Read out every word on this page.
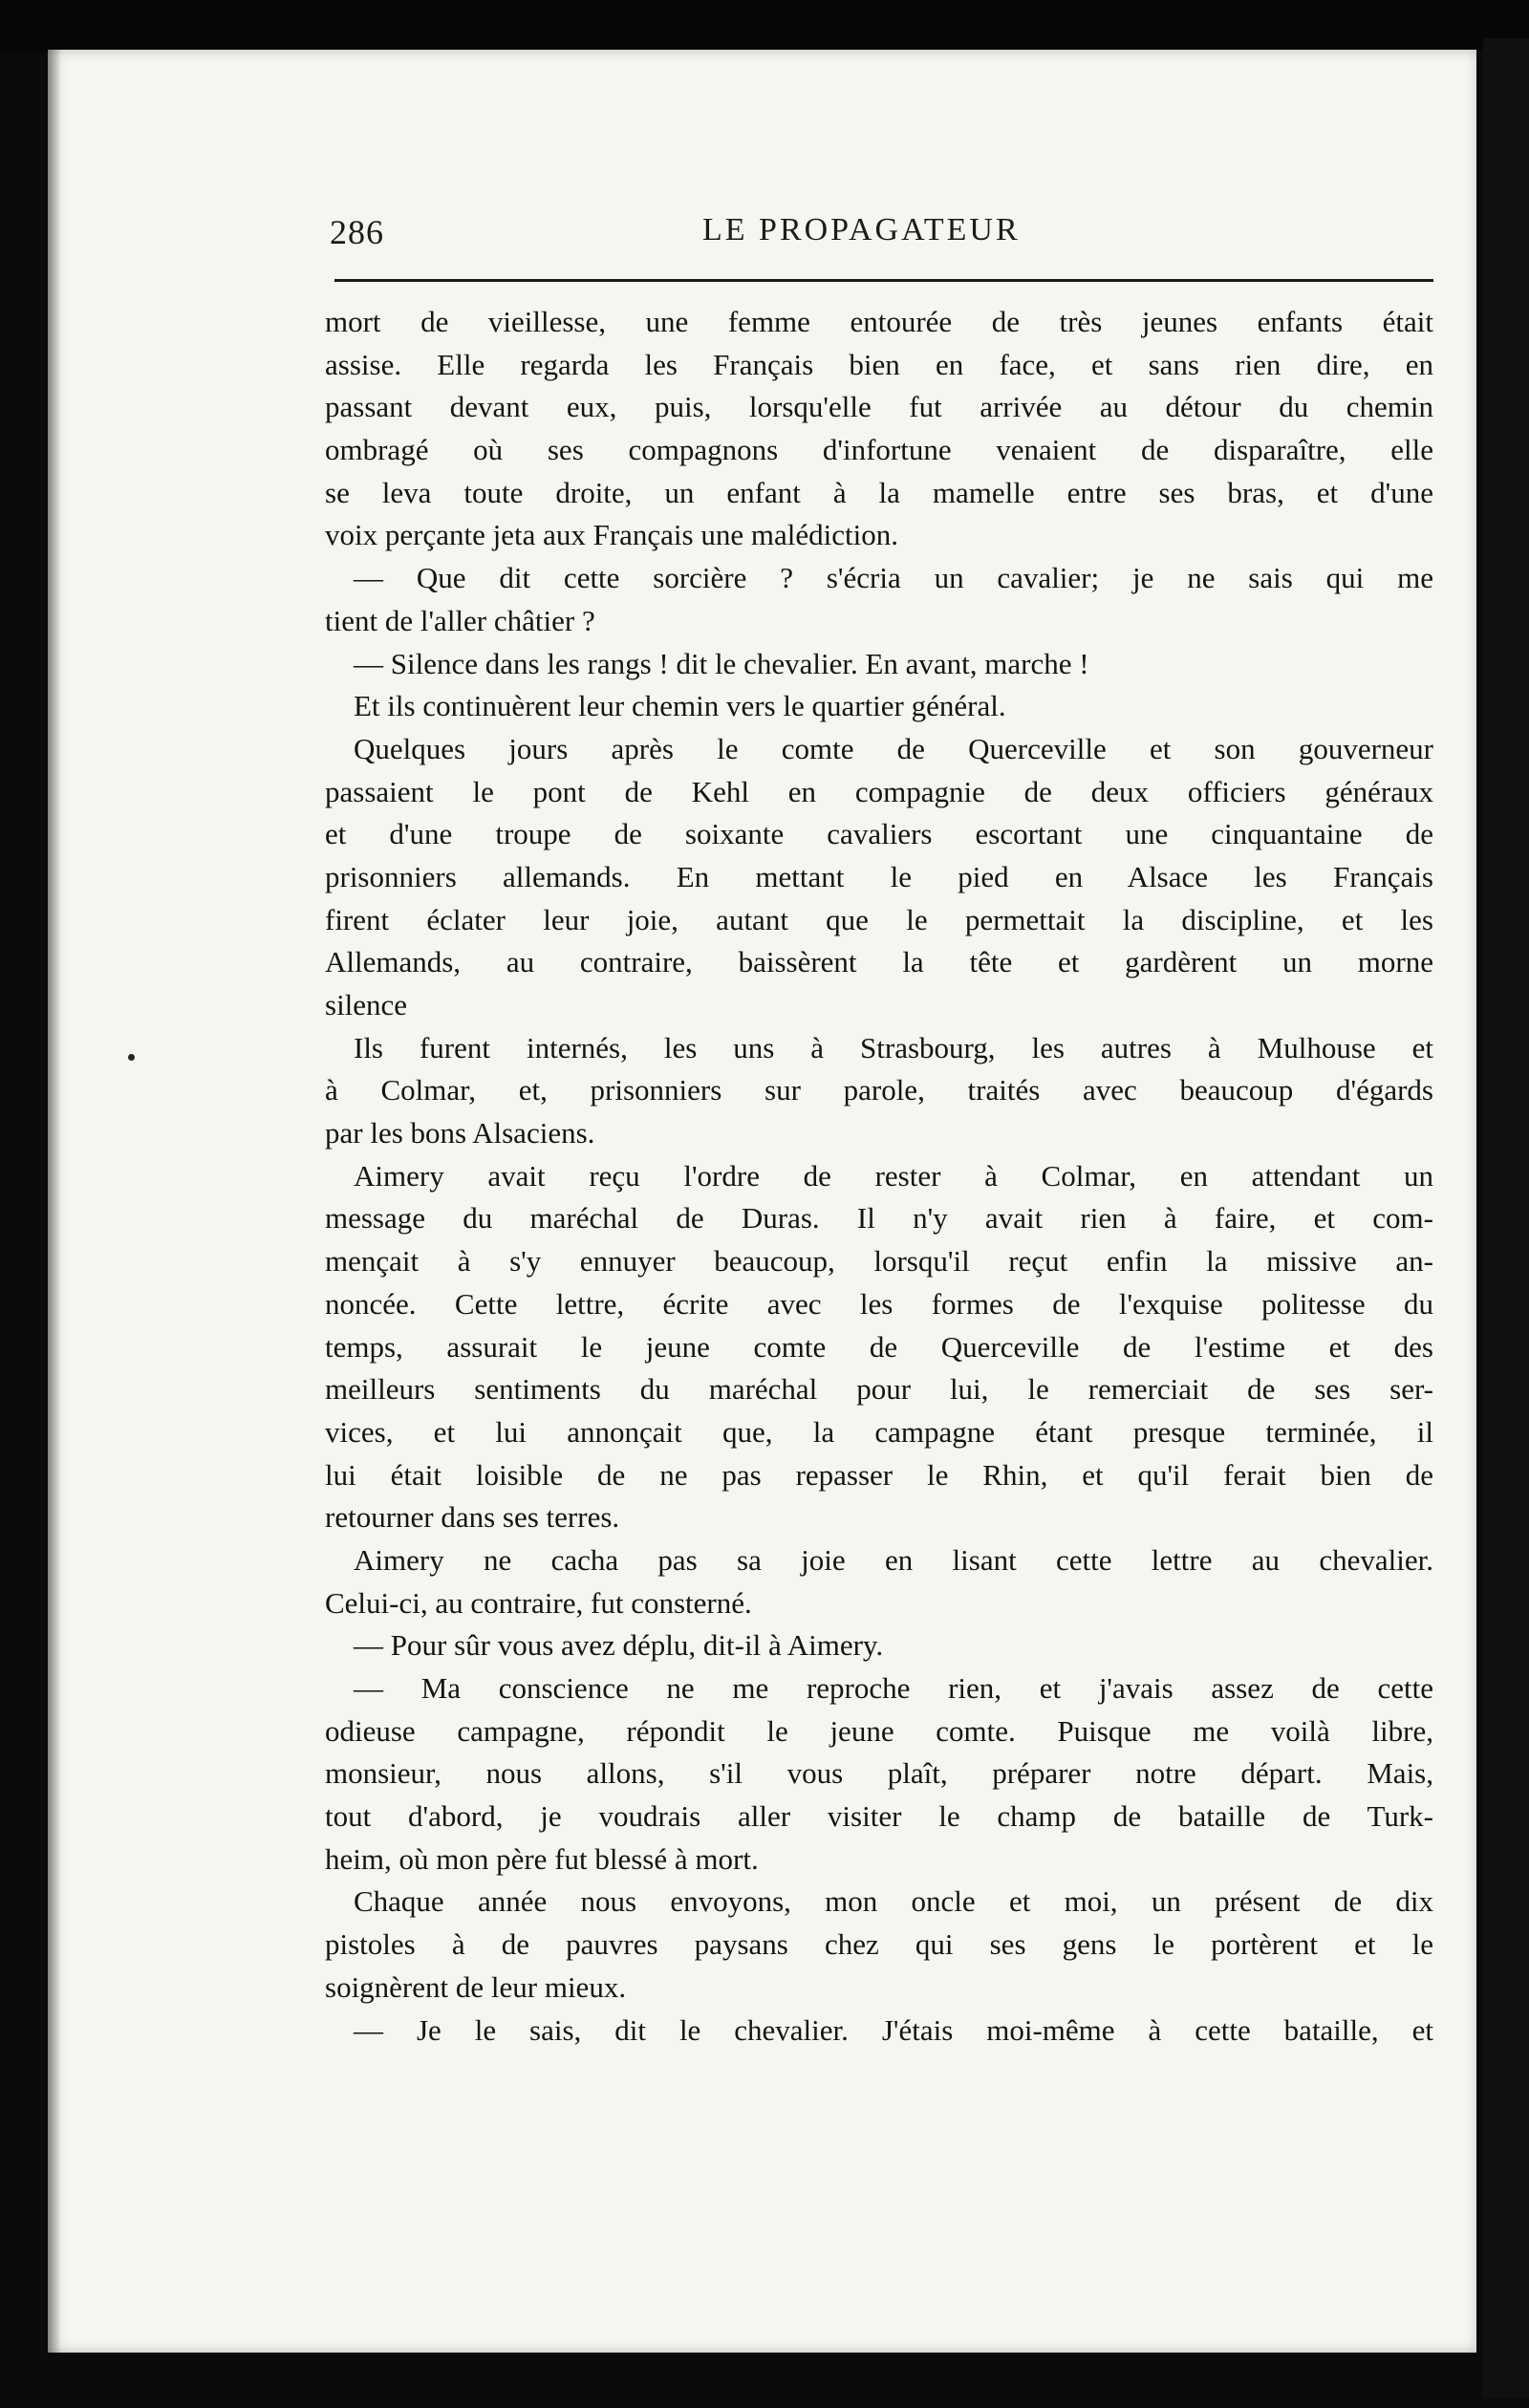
286	LE PROPAGATEUR
mort de vieillesse, une femme entourée de très jeunes enfants était
assise. Elle regarda les Français bien en face, et sans rien dire, en
passant devant eux, puis, lorsqu'elle fut arrivée au détour du chemin
ombragé où ses compagnons d'infortune venaient de disparaître, elle
se leva toute droite, un enfant à la mamelle entre ses bras, et d'une
voix perçante jeta aux Français une malédiction.
— Que dit cette sorcière ? s'écria un cavalier; je ne sais qui me
tient de l'aller châtier ?
— Silence dans les rangs ! dit le chevalier. En avant, marche !
Et ils continuèrent leur chemin vers le quartier général.
Quelques jours après le comte de Querceville et son gouverneur
passaient le pont de Kehl en compagnie de deux officiers généraux
et d'une troupe de soixante cavaliers escortant une cinquantaine de
prisonniers allemands. En mettant le pied en Alsace les Français
firent éclater leur joie, autant que le permettait la discipline, et les
Allemands, au contraire, baissèrent la tête et gardèrent un morne
silence
Ils furent internés, les uns à Strasbourg, les autres à Mulhouse et
à Colmar, et, prisonniers sur parole, traités avec beaucoup d'égards
par les bons Alsaciens.
Aimery avait reçu l'ordre de rester à Colmar, en attendant un
message du maréchal de Duras. Il n'y avait rien à faire, et com-
mençait à s'y ennuyer beaucoup, lorsqu'il reçut enfin la missive an-
noncée. Cette lettre, écrite avec les formes de l'exquise politesse du
temps, assurait le jeune comte de Querceville de l'estime et des
meilleurs sentiments du maréchal pour lui, le remerciait de ses ser-
vices, et lui annonçait que, la campagne étant presque terminée, il
lui était loisible de ne pas repasser le Rhin, et qu'il ferait bien de
retourner dans ses terres.
Aimery ne cacha pas sa joie en lisant cette lettre au chevalier.
Celui-ci, au contraire, fut consterné.
— Pour sûr vous avez déplu, dit-il à Aimery.
— Ma conscience ne me reproche rien, et j'avais assez de cette
odieuse campagne, répondit le jeune comte. Puisque me voilà libre,
monsieur, nous allons, s'il vous plaît, préparer notre départ. Mais,
tout d'abord, je voudrais aller visiter le champ de bataille de Turk-
heim, où mon père fut blessé à mort.
Chaque année nous envoyons, mon oncle et moi, un présent de dix
pistoles à de pauvres paysans chez qui ses gens le portèrent et le
soignèrent de leur mieux.
— Je le sais, dit le chevalier. J'étais moi-même à cette bataille, et
